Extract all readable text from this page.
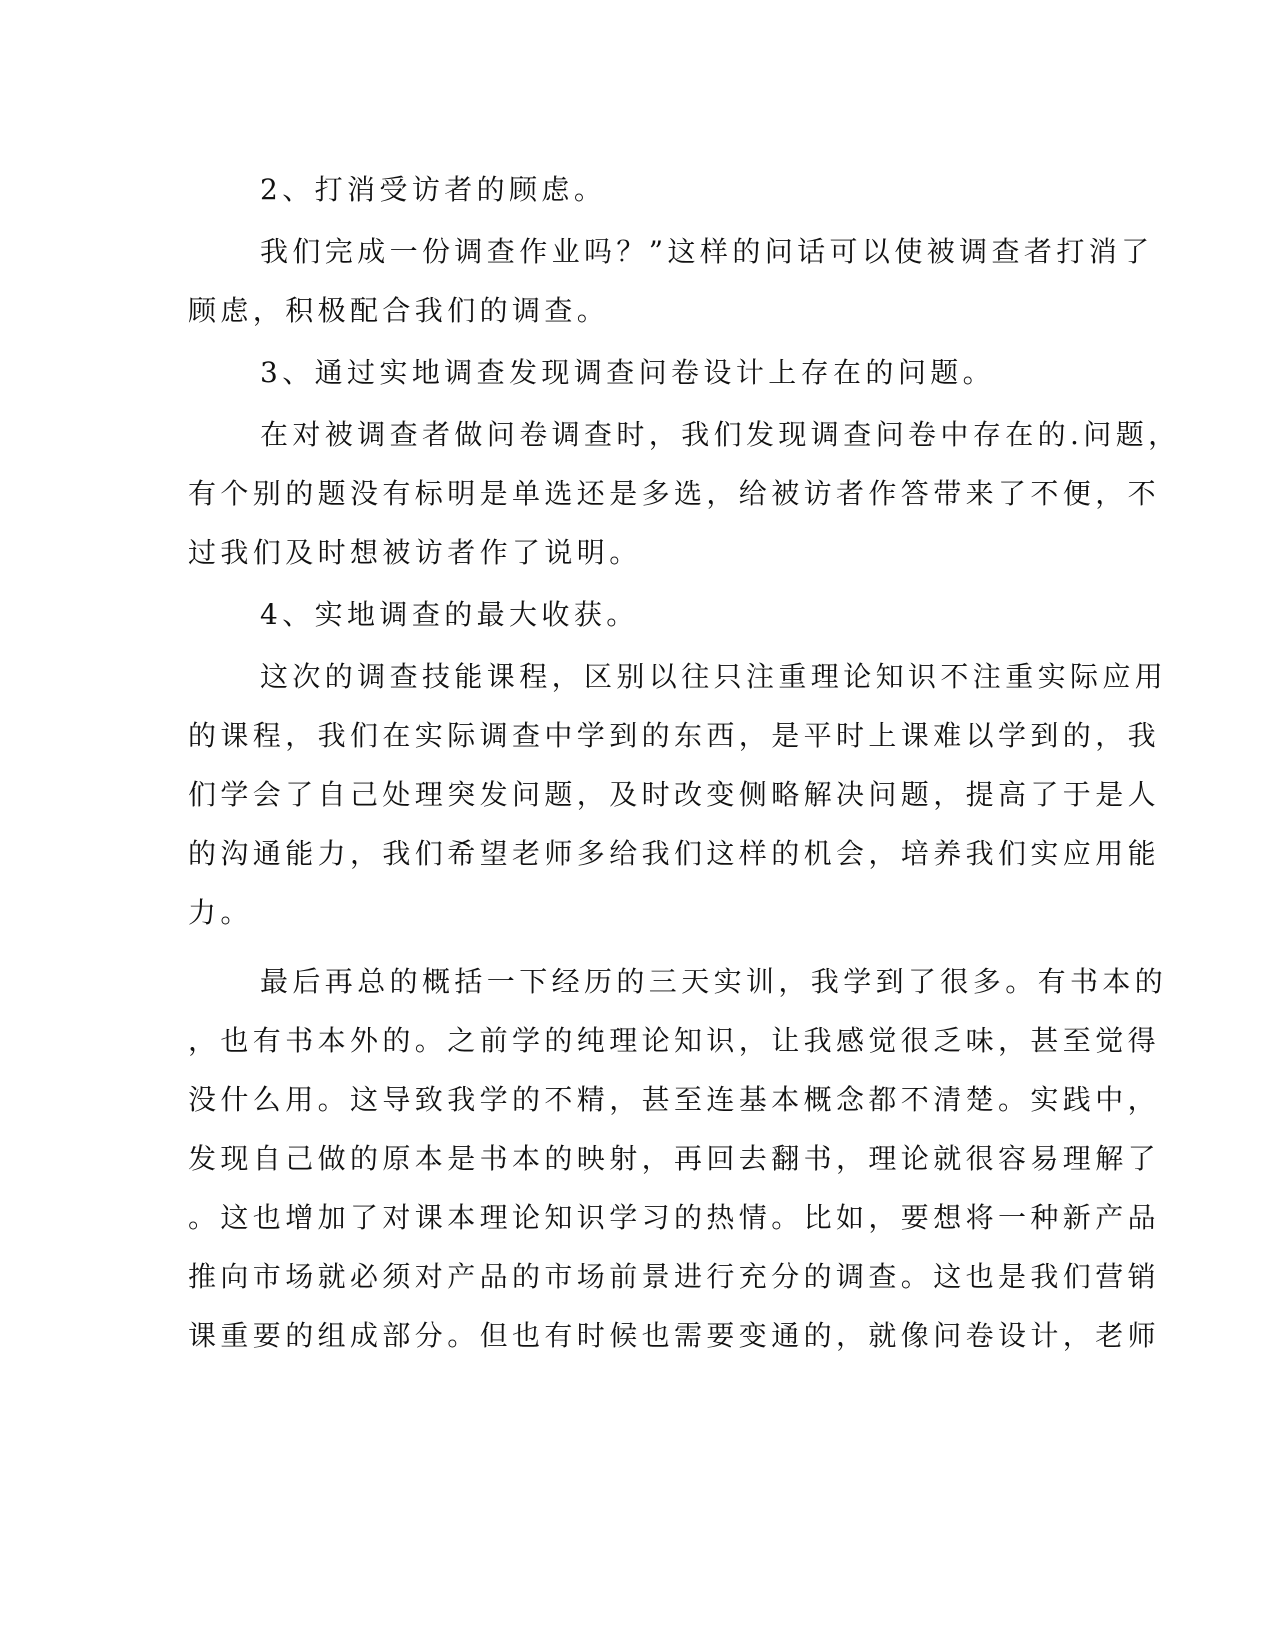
2、打消受访者的顾虑。
我们完成一份调查作业吗？”这样的问话可以使被调查者打消了
顾虑，积极配合我们的调查。
3、通过实地调查发现调查问卷设计上存在的问题。
在对被调查者做问卷调查时，我们发现调查问卷中存在的.问题，
有个别的题没有标明是单选还是多选，给被访者作答带来了不便，不
过我们及时想被访者作了说明。
4、实地调查的最大收获。
这次的调查技能课程，区别以往只注重理论知识不注重实际应用
的课程，我们在实际调查中学到的东西，是平时上课难以学到的，我
们学会了自己处理突发问题，及时改变侧略解决问题，提高了于是人
的沟通能力，我们希望老师多给我们这样的机会，培养我们实应用能
力。
最后再总的概括一下经历的三天实训，我学到了很多。有书本的
，也有书本外的。之前学的纯理论知识，让我感觉很乏味，甚至觉得
没什么用。这导致我学的不精，甚至连基本概念都不清楚。实践中，
发现自己做的原本是书本的映射，再回去翻书，理论就很容易理解了
。这也增加了对课本理论知识学习的热情。比如，要想将一种新产品
推向市场就必须对产品的市场前景进行充分的调查。这也是我们营销
课重要的组成部分。但也有时候也需要变通的，就像问卷设计，老师
